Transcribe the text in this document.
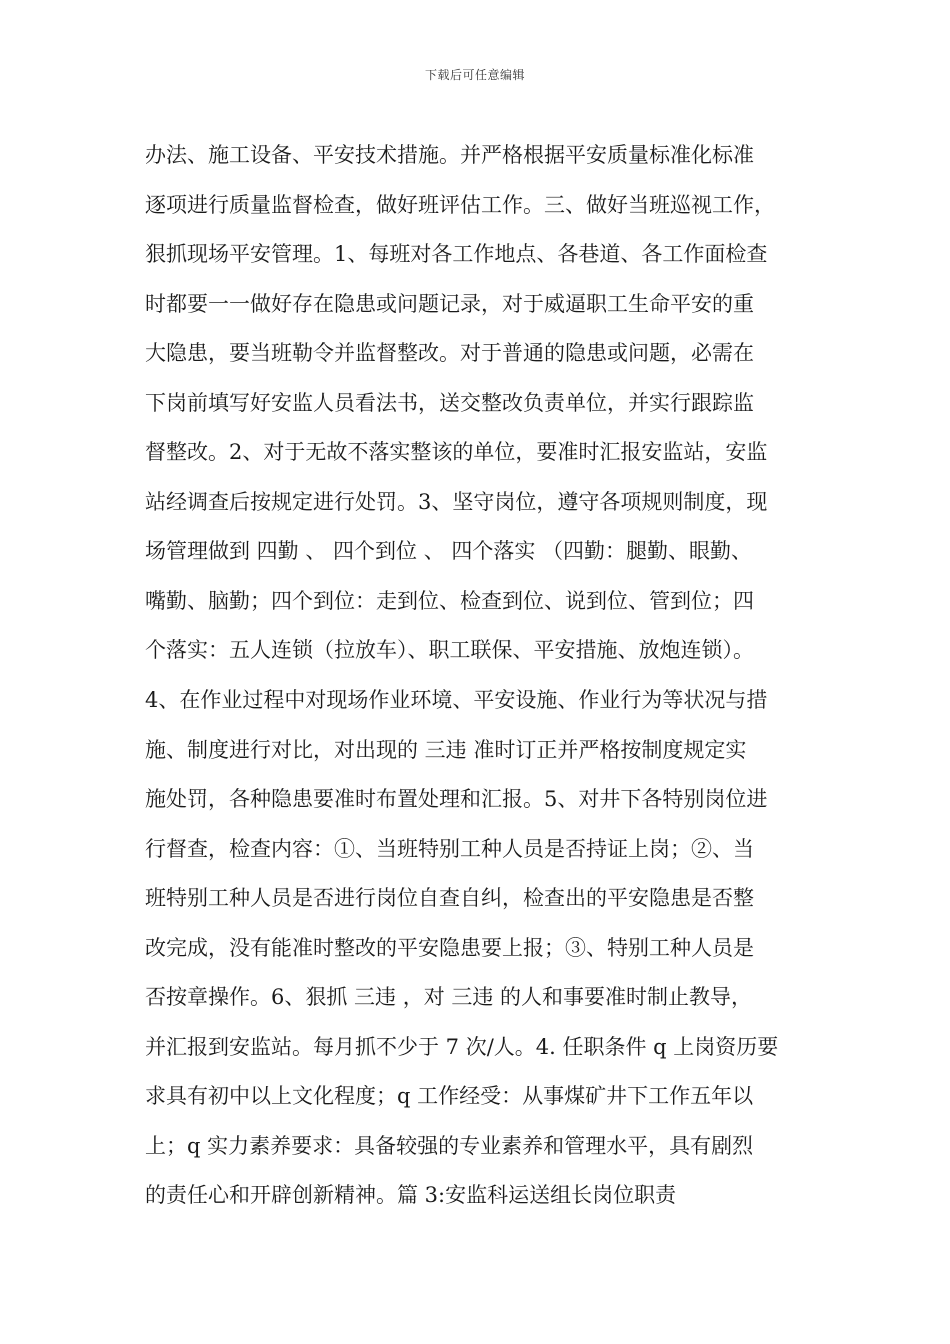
下载后可任意编辑
办法、施工设备、平安技术措施。并严格根据平安质量标准化标准
逐项进行质量监督检查，做好班评估工作。三、做好当班巡视工作，
狠抓现场平安管理。1、每班对各工作地点、各巷道、各工作面检查
时都要一一做好存在隐患或问题记录，对于威逼职工生命平安的重
大隐患，要当班勒令并监督整改。对于普通的隐患或问题，必需在
下岗前填写好安监人员看法书，送交整改负责单位，并实行跟踪监
督整改。2、对于无故不落实整该的单位，要准时汇报安监站，安监
站经调查后按规定进行处罚。3、坚守岗位，遵守各项规则制度，现
场管理做到 四勤 、 四个到位 、 四个落实 （四勤：腿勤、眼勤、
嘴勤、脑勤；四个到位：走到位、检查到位、说到位、管到位；四
个落实：五人连锁（拉放车）、职工联保、平安措施、放炮连锁）。
4、在作业过程中对现场作业环境、平安设施、作业行为等状况与措
施、制度进行对比，对出现的 三违 准时订正并严格按制度规定实
施处罚，各种隐患要准时布置处理和汇报。5、对井下各特别岗位进
行督查，检查内容：①、当班特别工种人员是否持证上岗；②、当
班特别工种人员是否进行岗位自查自纠，检查出的平安隐患是否整
改完成，没有能准时整改的平安隐患要上报；③、特别工种人员是
否按章操作。6、狠抓 三违 ，对 三违 的人和事要准时制止教导，
并汇报到安监站。每月抓不少于 7 次/人。4. 任职条件 q 上岗资历要
求具有初中以上文化程度；q 工作经受：从事煤矿井下工作五年以
上；q 实力素养要求：具备较强的专业素养和管理水平，具有剧烈
的责任心和开辟创新精神。篇 3:安监科运送组长岗位职责
